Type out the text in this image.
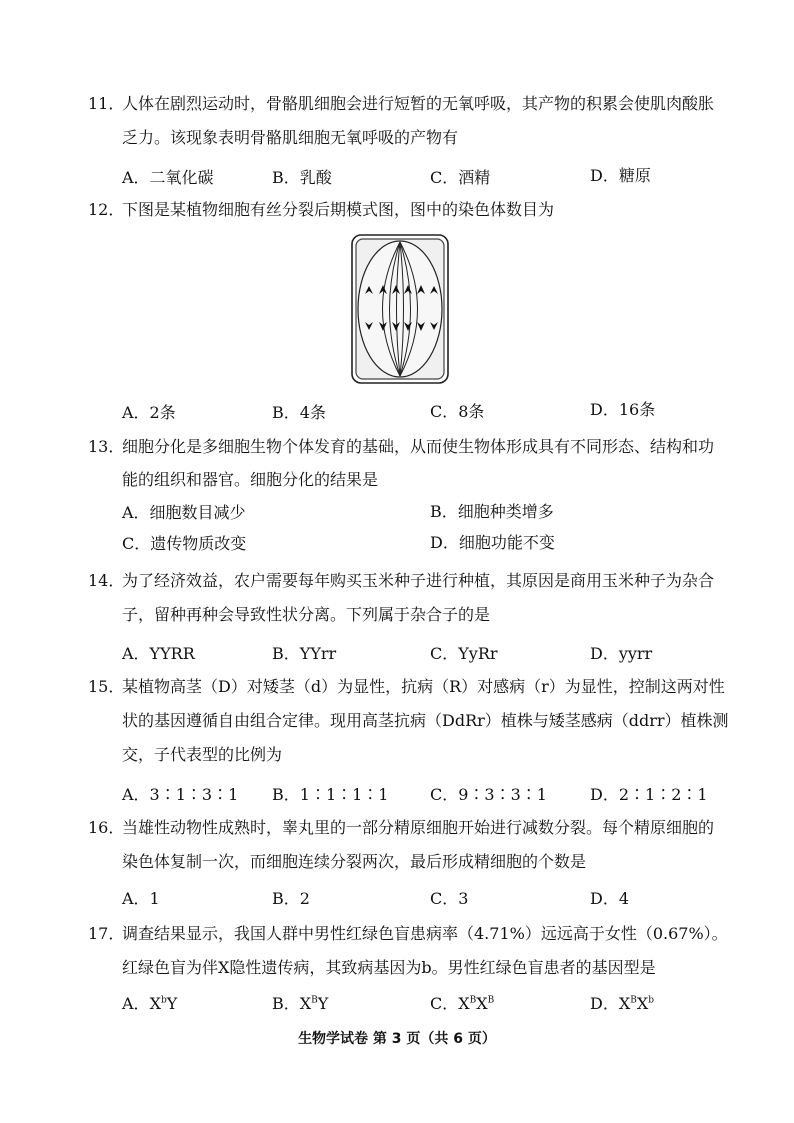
11．
人体在剧烈运动时，骨骼肌细胞会进行短暂的无氧呼吸，其产物的积累会使肌肉酸胀
乏力。该现象表明骨骼肌细胞无氧呼吸的产物有
A．二氧化碳	B．乳酸	C．酒精	D．糖原
12．
下图是某植物细胞有丝分裂后期模式图，图中的染色体数目为
A．2条	B．4条	C．8条	D．16条
13．
细胞分化是多细胞生物个体发育的基础，从而使生物体形成具有不同形态、结构和功
能的组织和器官。细胞分化的结果是
A．细胞数目减少	B．细胞种类增多
C．遗传物质改变	D．细胞功能不变
14．
为了经济效益，农户需要每年购买玉米种子进行种植，其原因是商用玉米种子为杂合
子，留种再种会导致性状分离。下列属于杂合子的是
A．YYRR	B．YYrr	C．YyRr	D．yyrr
15．
某植物高茎（D）对矮茎（d）为显性，抗病（R）对感病（r）为显性，控制这两对性
状的基因遵循自由组合定律。现用高茎抗病（DdRr）植株与矮茎感病（ddrr）植株测
交，子代表型的比例为
A．3∶1∶3∶1 B．1∶1∶1∶1	C．9∶3∶3∶1	D．2∶1∶2∶1
16．
当雄性动物性成熟时，睾丸里的一部分精原细胞开始进行减数分裂。每个精原细胞的
染色体复制一次，而细胞连续分裂两次，最后形成精细胞的个数是
A．1	B．2	C．3	D．4
17．
调查结果显示，我国人群中男性红绿色盲患病率（4.71%）远远高于女性（0.67%）。
红绿色盲为伴X隐性遗传病，其致病基因为b。男性红绿色盲患者的基因型是
A．$X^bY$	B．$X^BY$	C．$X^BX^B$	D．$X^BX^b$
生物学试卷 第 3 页（共 6 页）
